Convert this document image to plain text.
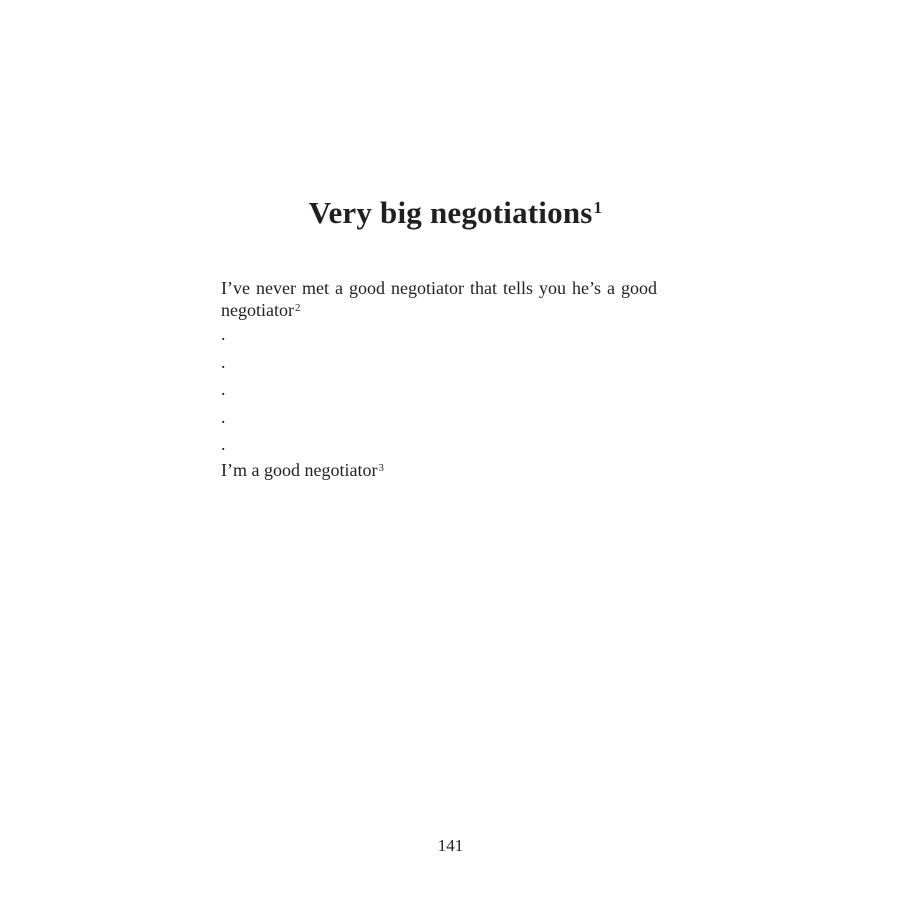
Very big negotiations$^1$

I’ve never met a good negotiator that tells you he’s a good negotiator$^2$

.
.
.
.
.

I’m a good negotiator$^3$

141
